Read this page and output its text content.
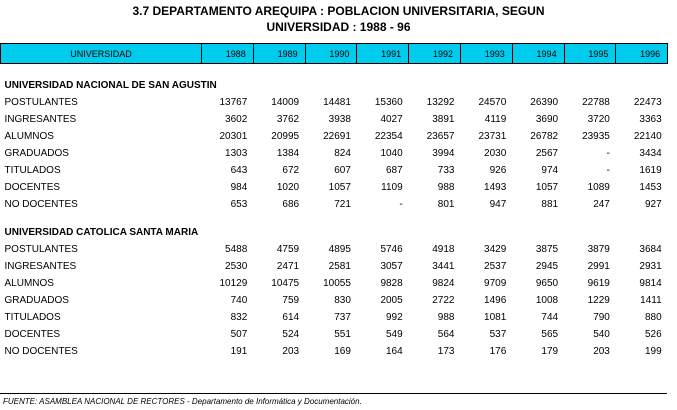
3.7 DEPARTAMENTO AREQUIPA : POBLACION UNIVERSITARIA, SEGUN
UNIVERSIDAD : 1988 - 96
UNIVERSIDAD	1988	1989	1990	1991	1992	1993	1994	1995	1996

UNIVERSIDAD NACIONAL DE SAN AGUSTIN									
POSTULANTES	13767	14009	14481	15360	13292	24570	26390	22788	22473
INGRESANTES	3602	3762	3938	4027	3891	4119	3690	3720	3363
ALUMNOS	20301	20995	22691	22354	23657	23731	26782	23935	22140
GRADUADOS	1303	1384	824	1040	3994	2030	2567	-	3434
TITULADOS	643	672	607	687	733	926	974	-	1619
DOCENTES	984	1020	1057	1109	988	1493	1057	1089	1453
NO DOCENTES	653	686	721	-	801	947	881	247	927

UNIVERSIDAD CATOLICA SANTA MARIA									
POSTULANTES	5488	4759	4895	5746	4918	3429	3875	3879	3684
INGRESANTES	2530	2471	2581	3057	3441	2537	2945	2991	2931
ALUMNOS	10129	10475	10055	9828	9824	9709	9650	9619	9814
GRADUADOS	740	759	830	2005	2722	1496	1008	1229	1411
TITULADOS	832	614	737	992	988	1081	744	790	880
DOCENTES	507	524	551	549	564	537	565	540	526
NO DOCENTES	191	203	169	164	173	176	179	203	199
FUENTE: ASAMBLEA NACIONAL DE RECTORES - Departamento de Informática y Documentación.
